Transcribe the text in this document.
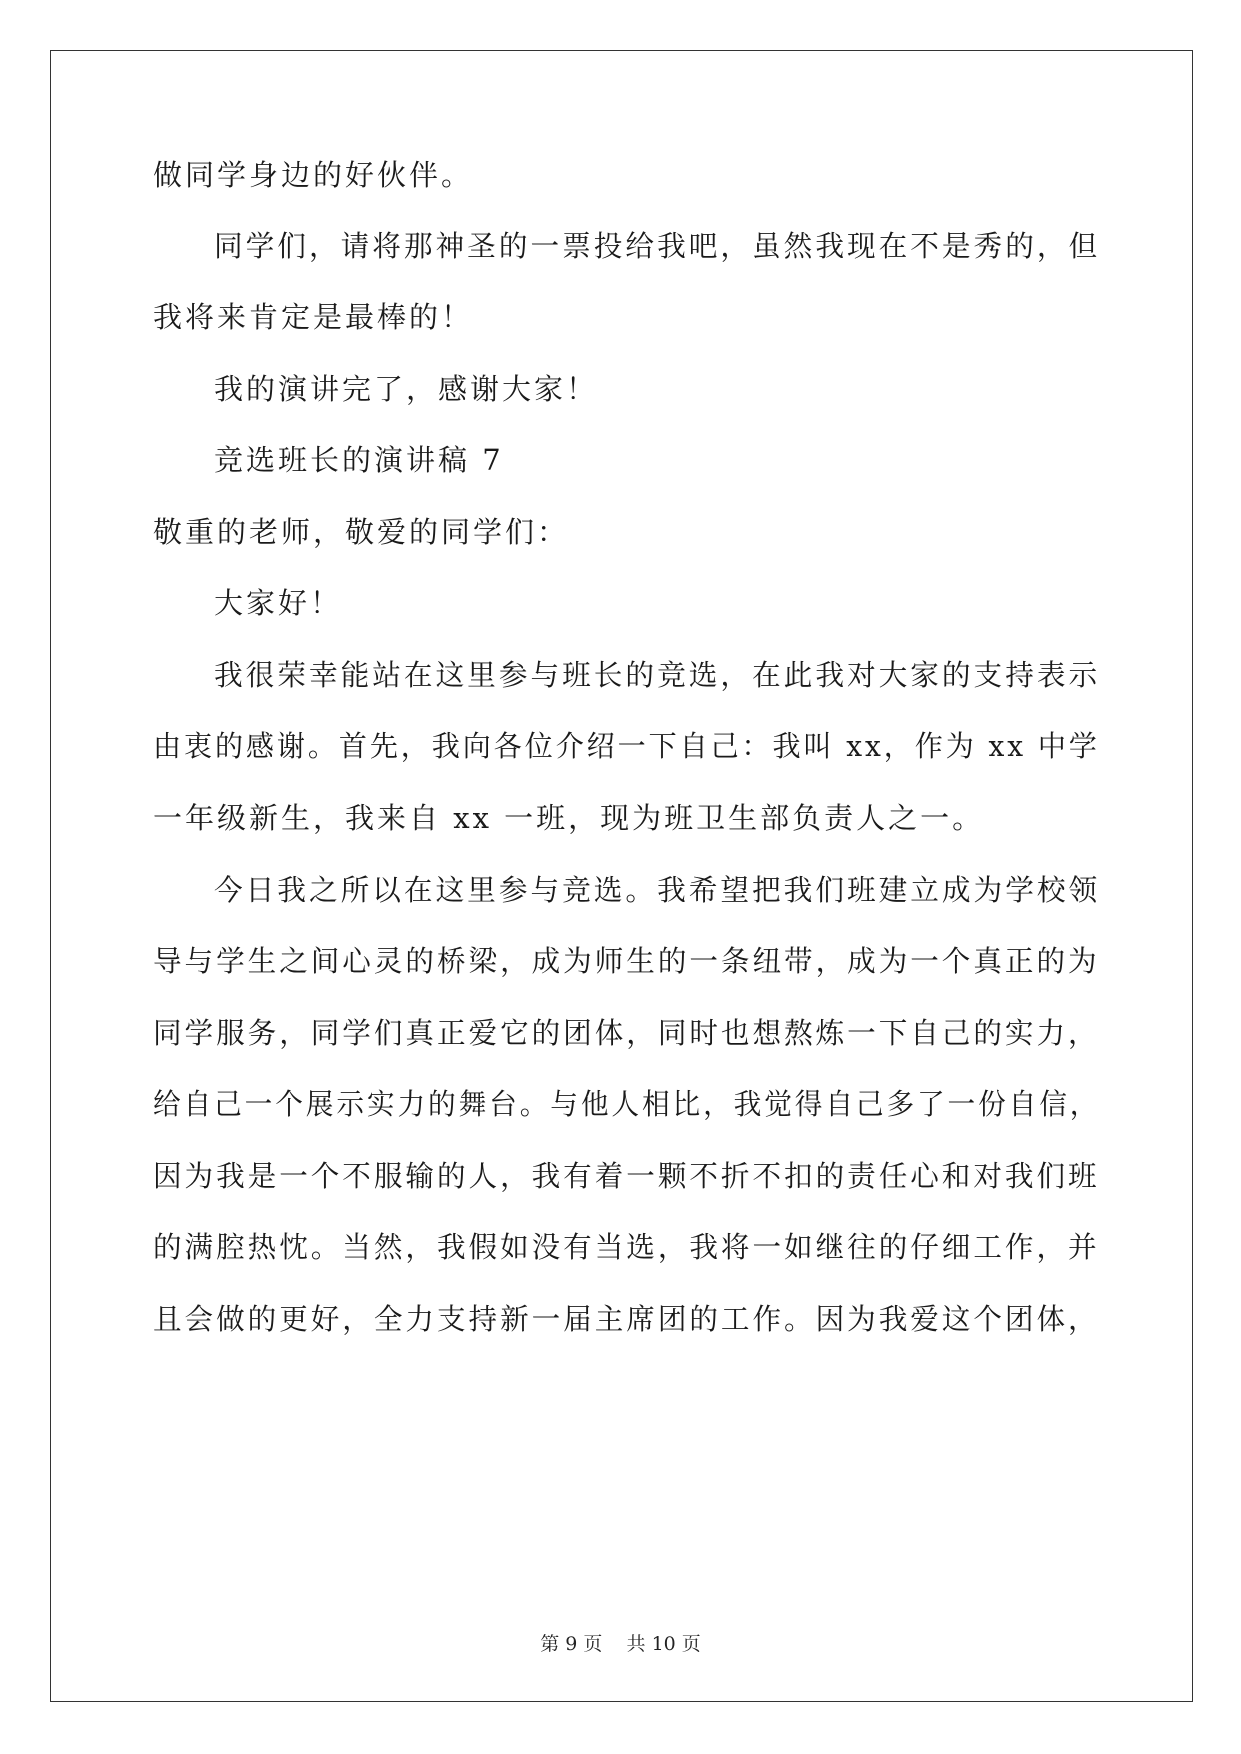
做同学身边的好伙伴。
同学们，请将那神圣的一票投给我吧，虽然我现在不是秀的，但
我将来肯定是最棒的！
我的演讲完了，感谢大家！
竞选班长的演讲稿 7
敬重的老师，敬爱的同学们：
大家好！
我很荣幸能站在这里参与班长的竞选，在此我对大家的支持表示
由衷的感谢。首先，我向各位介绍一下自己：我叫 xx，作为 xx 中学
一年级新生，我来自 xx 一班，现为班卫生部负责人之一。
今日我之所以在这里参与竞选。我希望把我们班建立成为学校领
导与学生之间心灵的桥梁，成为师生的一条纽带，成为一个真正的为
同学服务，同学们真正爱它的团体，同时也想熬炼一下自己的实力，
给自己一个展示实力的舞台。与他人相比，我觉得自己多了一份自信，
因为我是一个不服输的人，我有着一颗不折不扣的责任心和对我们班
的满腔热忱。当然，我假如没有当选，我将一如继往的仔细工作，并
且会做的更好，全力支持新一届主席团的工作。因为我爱这个团体，
第 9 页    共 10 页
